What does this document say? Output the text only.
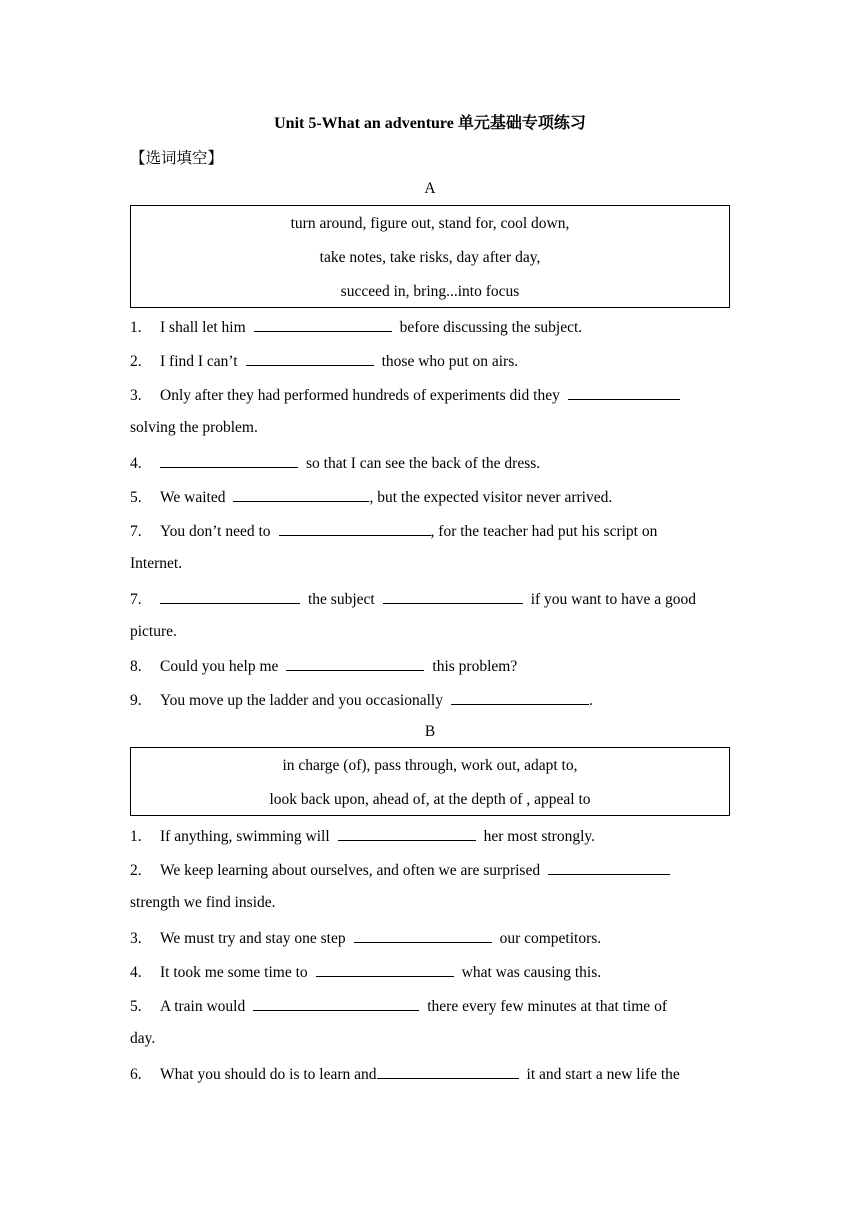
Unit 5-What an adventure 单元基础专项练习
【选词填空】
A
turn around, figure out, stand for, cool down,
take notes, take risks, day after day,
succeed in, bring...into focus
1. I shall let him	before discussing the subject.
2. I find I can’t	those who put on airs.
3. Only after they had performed hundreds of experiments did they
solving the problem.
4.	so that I can see the back of the dress.
5. We waited	, but the expected visitor never arrived.
7. You don’t need to	, for the teacher had put his script on
Internet.
7.	the subject	if you want to have a good
picture.
8. Could you help me	this problem?
9. You move up the ladder and you occasionally	.
B
in charge (of), pass through, work out, adapt to,
look back upon, ahead of, at the depth of , appeal to
1. If anything, swimming will	her most strongly.
2. We keep learning about ourselves, and often we are surprised
strength we find inside.
3. We must try and stay one step	our competitors.
4. It took me some time to	what was causing this.
5. A train would	there every few minutes at that time of
day.
6. What you should do is to learn and	it and start a new life the
